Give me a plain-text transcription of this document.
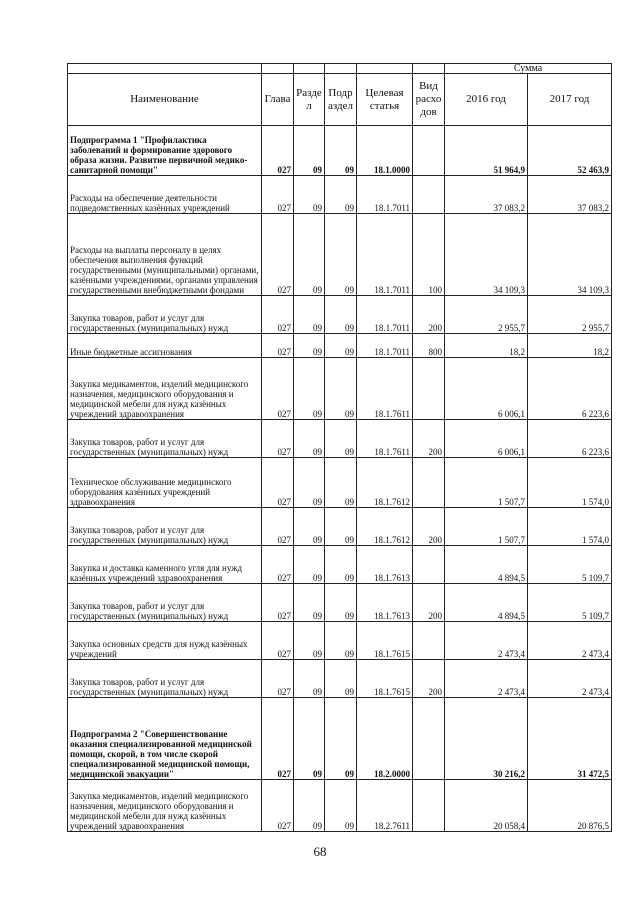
						Сумма	
Наименование	Глава	Разде л	Подр аздел	Целевая статья	Вид расхо дов	2016 год	2017 год
Подпрограмма 1 "Профилактика заболеваний и формирование здорового образа жизни. Развитие первичной медико-санитарной помощи"	027	09	09	18.1.0000		51 964,9	52 463,9
Расходы на обеспечение деятельности подведомственных казённых учреждений	027	09	09	18.1.7011		37 083,2	37 083,2
Расходы на выплаты персоналу в целях обеспечения выполнения функций государственными (муниципальными) органами, казёнными учреждениями, органами управления государственными внебюджетными фондами	027	09	09	18.1.7011	100	34 109,3	34 109,3
Закупка товаров, работ и услуг для государственных (муниципальных) нужд	027	09	09	18.1.7011	200	2 955,7	2 955,7
Иные бюджетные ассигнования	027	09	09	18.1.7011	800	18,2	18,2
Закупка медикаментов, изделий медицинского назначения, медицинского оборудования и медицинской мебели для нужд казённых учреждений здравоохранения	027	09	09	18.1.7611		6 006,1	6 223,6
Закупка товаров, работ и услуг для государственных (муниципальных) нужд	027	09	09	18.1.7611	200	6 006,1	6 223,6
Техническое обслуживание медицинского оборудования казённых учреждений здравоохранения	027	09	09	18.1.7612		1 507,7	1 574,0
Закупка товаров, работ и услуг для государственных (муниципальных) нужд	027	09	09	18.1.7612	200	1 507,7	1 574,0
Закупка и доставка каменного угля для нужд казённых учреждений здравоохранения	027	09	09	18.1.7613		4 894,5	5 109,7
Закупка товаров, работ и услуг для государственных (муниципальных) нужд	027	09	09	18.1.7613	200	4 894,5	5 109,7
Закупка основных средств для нужд казённых учреждений	027	09	09	18.1.7615		2 473,4	2 473,4
Закупка товаров, работ и услуг для государственных (муниципальных) нужд	027	09	09	18.1.7615	200	2 473,4	2 473,4
Подпрограмма 2 "Совершенствование оказания специализированной медицинской помощи, скорой, в том числе скорой специализированной медицинской помощи, медицинской эвакуации"	027	09	09	18.2.0000		30 216,2	31 472,5
Закупка медикаментов, изделий медицинского назначения, медицинского оборудования и медицинской мебели для нужд казённых учреждений здравоохранения	027	09	09	18.2.7611		20 058,4	20 876,5
68
